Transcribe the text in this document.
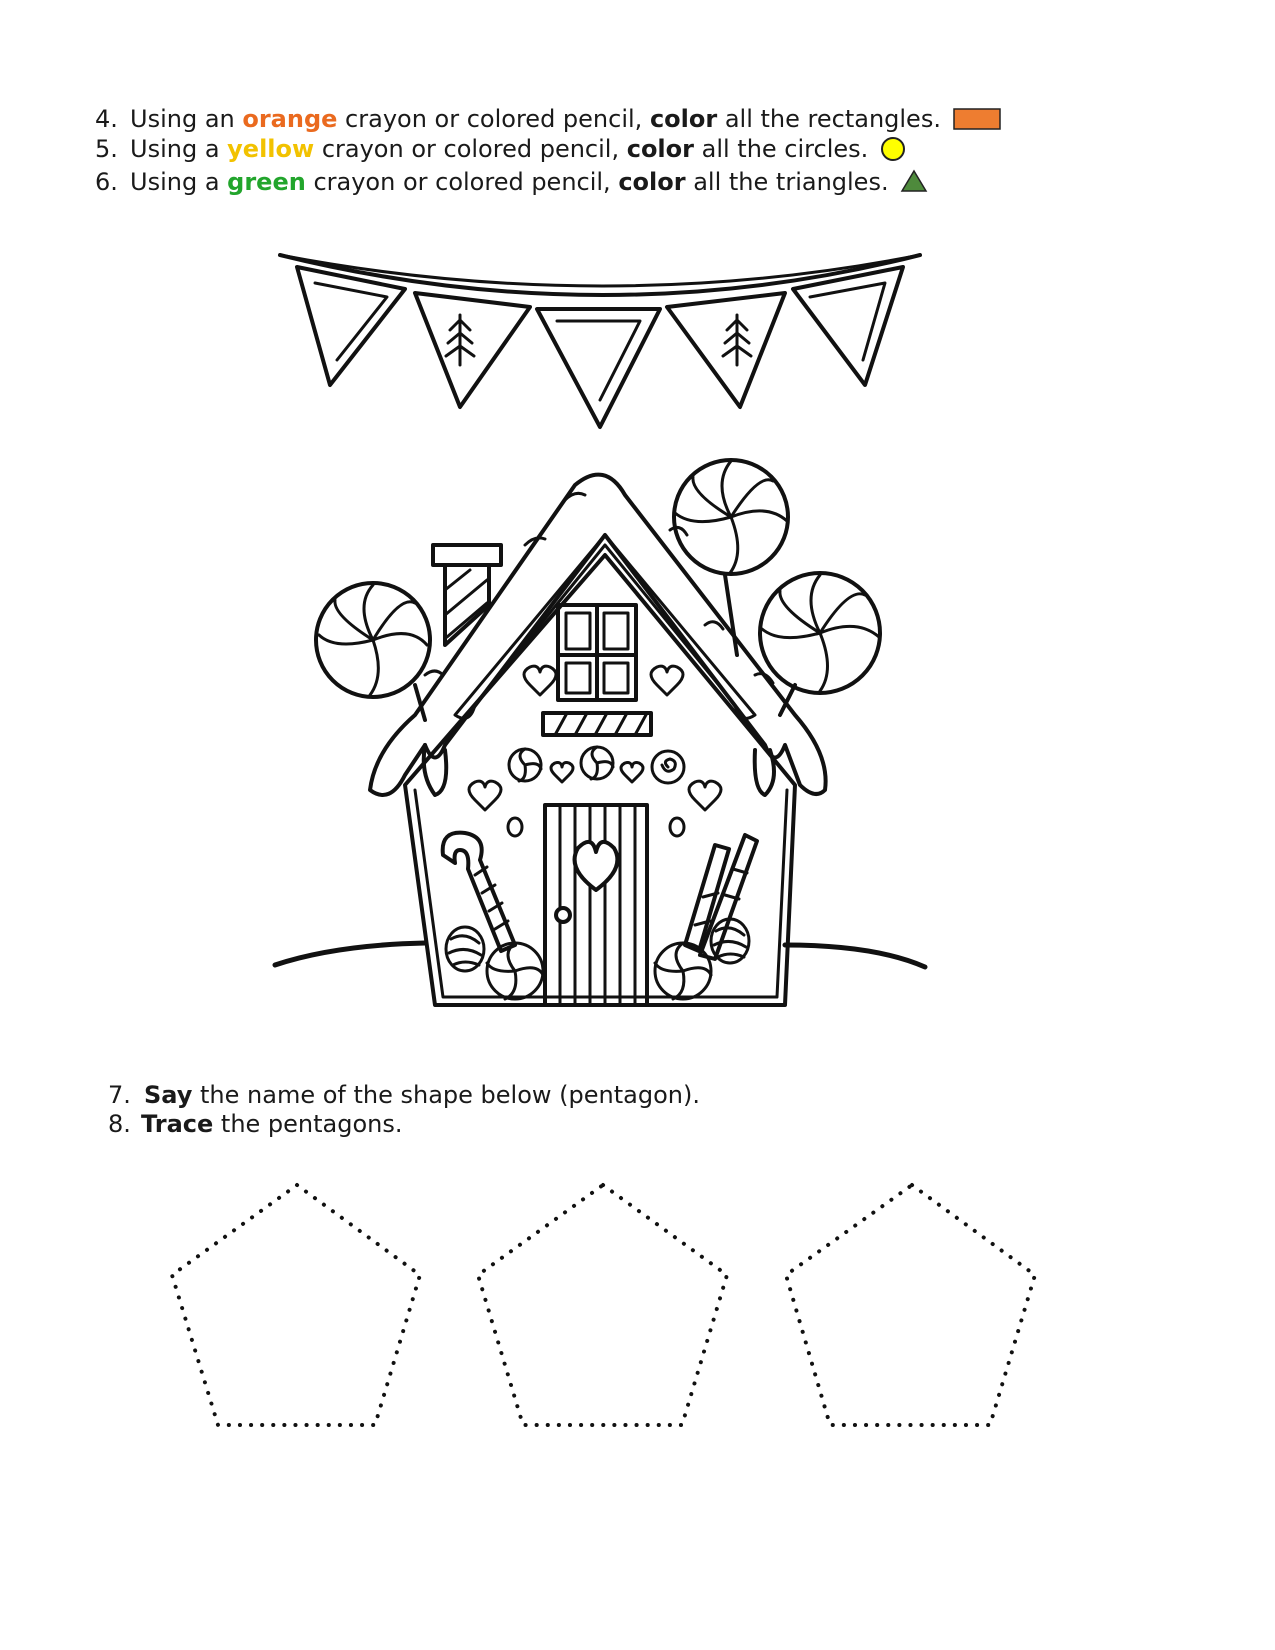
4. Using an orange crayon or colored pencil, color all the rectangles.
5. Using a yellow crayon or colored pencil, color all the circles.
6. Using a green crayon or colored pencil, color all the triangles.
7. Say the name of the shape below (pentagon).
8. Trace the pentagons.
